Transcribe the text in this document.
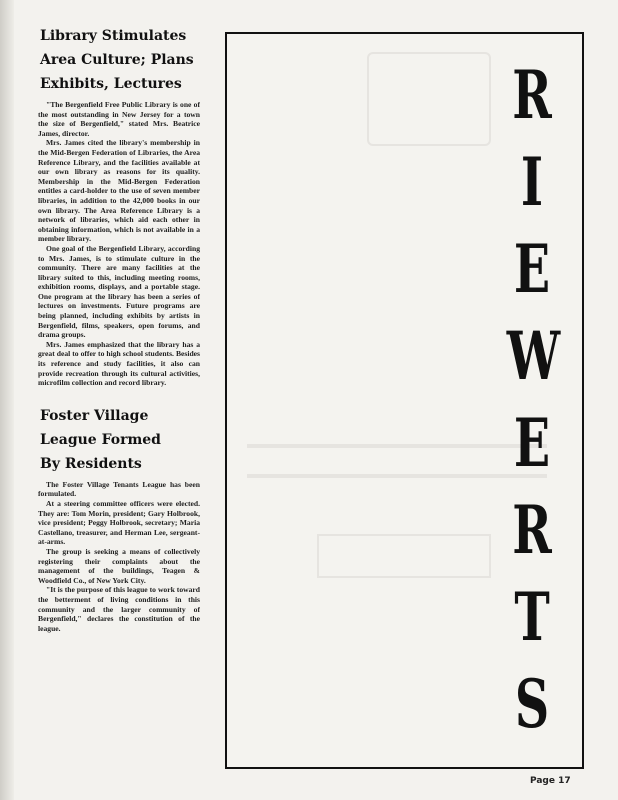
Library Stimulates
Area Culture; Plans
Exhibits, Lectures

"The Bergenfield Free Public Library is one of the most outstanding in New Jersey for a town the size of Bergenfield," stated Mrs. Beatrice James, director.

Mrs. James cited the library's membership in the Mid-Bergen Federation of Libraries, the Area Reference Library, and the facilities available at our own library as reasons for its quality. Membership in the Mid-Bergen Federation entitles a card-holder to the use of seven member libraries, in addition to the 42,000 books in our own library. The Area Reference Library is a network of libraries, which aid each other in obtaining information, which is not available in a member library.

One goal of the Bergenfield Library, according to Mrs. James, is to stimulate culture in the community. There are many facilities at the library suited to this, including meeting rooms, exhibition rooms, displays, and a portable stage. One program at the library has been a series of lectures on investments. Future programs are being planned, including exhibits by artists in Bergenfield, films, speakers, open forums, and drama groups.

Mrs. James emphasized that the library has a great deal to offer to high school students. Besides its reference and study facilities, it also can provide recreation through its cultural activities, microfilm collection and record library.

Foster Village
League Formed
By Residents

The Foster Village Tenants League has been formulated.

At a steering committee officers were elected. They are: Tom Morin, president; Gary Holbrook, vice president; Peggy Holbrook, secretary; Maria Castellano, treasurer, and Herman Lee, sergeant-at-arms.

The group is seeking a means of collectively registering their complaints about the management of the buildings, Teagen & Woodfield Co., of New York City.

"It is the purpose of this league to work toward the betterment of living conditions in this community and the larger community of Bergenfield," declares the constitution of the league.

R
I
E
W
E
R
T
S
Page 17
